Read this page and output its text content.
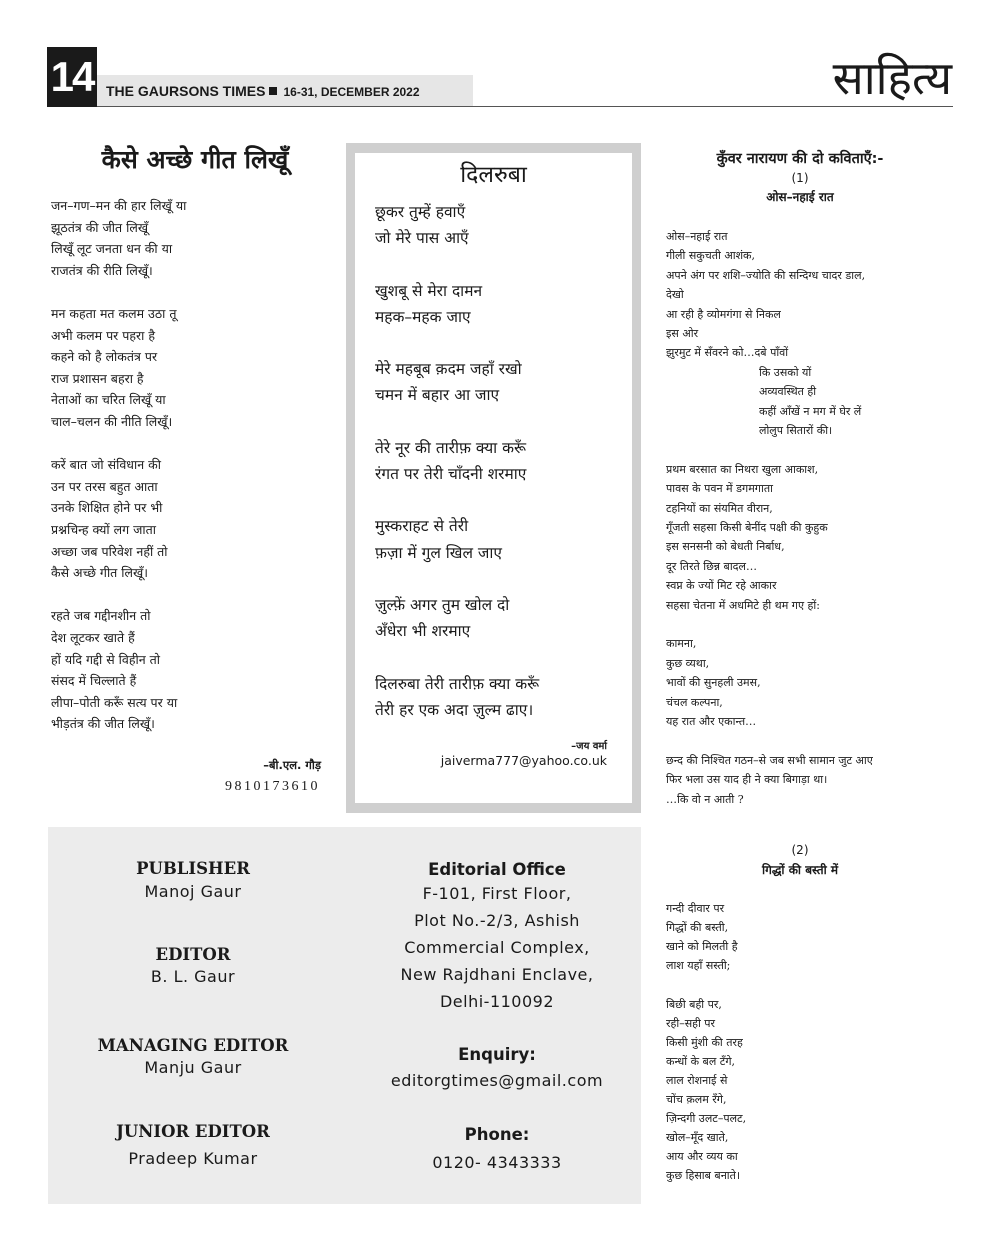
14 THE GAURSONS TIMES 16-31, DECEMBER 2022	साहित्य
कैसे अच्छे गीत लिखूँ
जन–गण–मन की हार लिखूँ या
झूठतंत्र की जीत लिखूँ
लिखूँ लूट जनता धन की या
राजतंत्र की रीति लिखूँ।
मन कहता मत कलम उठा तू
अभी कलम पर पहरा है
कहने को है लोकतंत्र पर
राज प्रशासन बहरा है
नेताओं का चरित लिखूँ या
चाल–चलन की नीति लिखूँ।
करें बात जो संविधान की
उन पर तरस बहुत आता
उनके शिक्षित होने पर भी
प्रश्नचिन्ह क्यों लग जाता
अच्छा जब परिवेश नहीं तो
कैसे अच्छे गीत लिखूँ।
रहते जब गद्दीनशीन तो
देश लूटकर खाते हैं
हों यदि गद्दी से विहीन तो
संसद में चिल्लाते हैं
लीपा–पोती करूँ सत्य पर या
भीड़तंत्र की जीत लिखूँ।
–बी.एल. गौड़
9810173610
दिलरुबा
छूकर तुम्हें हवाएँ
जो मेरे पास आएँ
खुशबू से मेरा दामन
महक–महक जाए
मेरे महबूब क़दम जहाँ रखो
चमन में बहार आ जाए
तेरे नूर की तारीफ़ क्या करूँ
रंगत पर तेरी चाँदनी शरमाए
मुस्कराहट से तेरी
फ़ज़ा में गुल खिल जाए
ज़ुल्फ़ें अगर तुम खोल दो
अँधेरा भी शरमाए
दिलरुबा तेरी तारीफ़ क्या करूँ
तेरी हर एक अदा ज़ुल्म ढाए।
–जय वर्मा
jaiverma777@yahoo.co.uk
कुँवर नारायण की दो कविताएँ:-
(1)
ओस–नहाई रात
ओस–नहाई रात
गीली सकुचती आशंक,
अपने अंग पर शशि–ज्योति की सन्दिग्ध चादर डाल,
देखो
आ रही है व्योमगंगा से निकल
इस ओर
झुरमुट में सँवरने को…दबे पाँवों
कि उसको यों
अव्यवस्थित ही
कहीं आँखें न मग में घेर लें
लोलुप सितारों की।
प्रथम बरसात का निथरा खुला आकाश,
पावस के पवन में डगमगाता
टहनियों का संयमित वीरान,
गूँजती सहसा किसी बेनींद पक्षी की कुहुक
इस सनसनी को बेधती निर्बाध,
दूर तिरते छिन्न बादल…
स्वप्न के ज्यों मिट रहे आकार
सहसा चेतना में अधमिटे ही थम गए हों:
कामना,
कुछ व्यथा,
भावों की सुनहली उमस,
चंचल कल्पना,
यह रात और एकान्त…
छन्द की निश्चित गठन–से जब सभी सामान जुट आए
फिर भला उस याद ही ने क्या बिगाड़ा था।
…कि वो न आती ?
(2)
गिद्धों की बस्ती में
गन्दी दीवार पर
गिद्धों की बस्ती,
खाने को मिलती है
लाश यहाँ सस्ती;
बिछी बही पर,
रही–सही पर
किसी मुंशी की तरह
कन्धों के बल टँगे,
लाल रोशनाई से
चोंच क़लम रँगे,
ज़िन्दगी उलट–पलट,
खोल–मूँद खाते,
आय और व्यय का
कुछ हिसाब बनाते।
PUBLISHER
Manoj Gaur
EDITOR
B. L. Gaur
MANAGING EDITOR
Manju Gaur
JUNIOR EDITOR
Pradeep Kumar
Editorial Office
F-101, First Floor,
Plot No.-2/3, Ashish
Commercial Complex,
New Rajdhani Enclave,
Delhi-110092
Enquiry:
editorgtimes@gmail.com
Phone:
0120- 4343333
